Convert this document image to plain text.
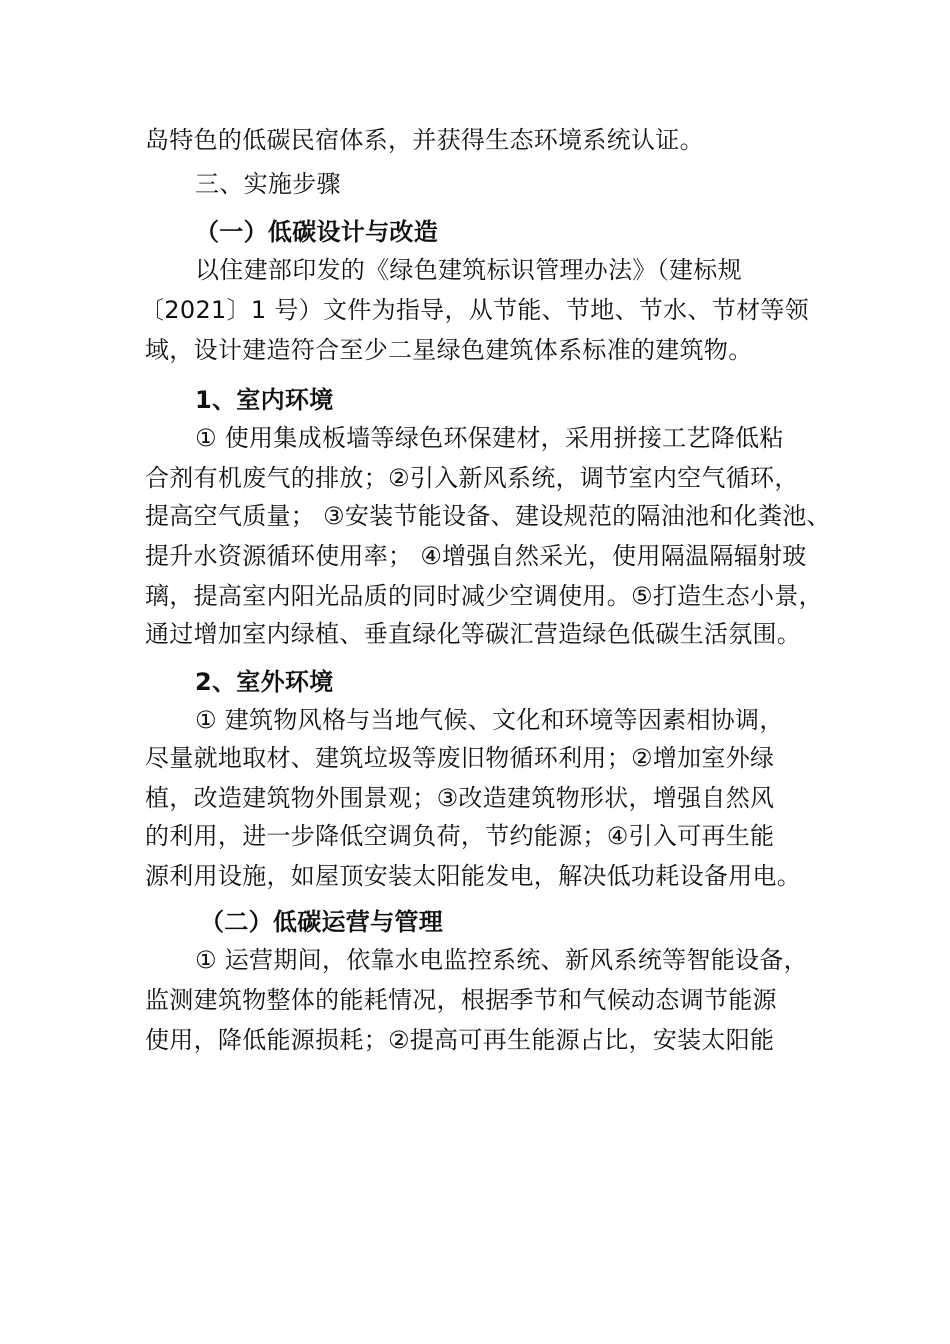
岛特色的低碳民宿体系，并获得生态环境系统认证。
三、实施步骤
（一）低碳设计与改造
以住建部印发的《绿色建筑标识管理办法》（建标规
〔2021〕1 号）文件为指导，从节能、节地、节水、节材等领
域，设计建造符合至少二星绿色建筑体系标准的建筑物。
1、室内环境
① 使用集成板墙等绿色环保建材，采用拼接工艺降低粘
合剂有机废气的排放；②引入新风系统，调节室内空气循环，
提高空气质量； ③安装节能设备、建设规范的隔油池和化粪池、
提升水资源循环使用率； ④增强自然采光，使用隔温隔辐射玻
璃，提高室内阳光品质的同时减少空调使用。⑤打造生态小景，
通过增加室内绿植、垂直绿化等碳汇营造绿色低碳生活氛围。
2、室外环境
① 建筑物风格与当地气候、文化和环境等因素相协调，
尽量就地取材、建筑垃圾等废旧物循环利用；②增加室外绿
植，改造建筑物外围景观；③改造建筑物形状，增强自然风
的利用，进一步降低空调负荷，节约能源；④引入可再生能
源利用设施，如屋顶安装太阳能发电，解决低功耗设备用电。
（二）低碳运营与管理
① 运营期间，依靠水电监控系统、新风系统等智能设备，
监测建筑物整体的能耗情况，根据季节和气候动态调节能源
使用，降低能源损耗；②提高可再生能源占比，安装太阳能
